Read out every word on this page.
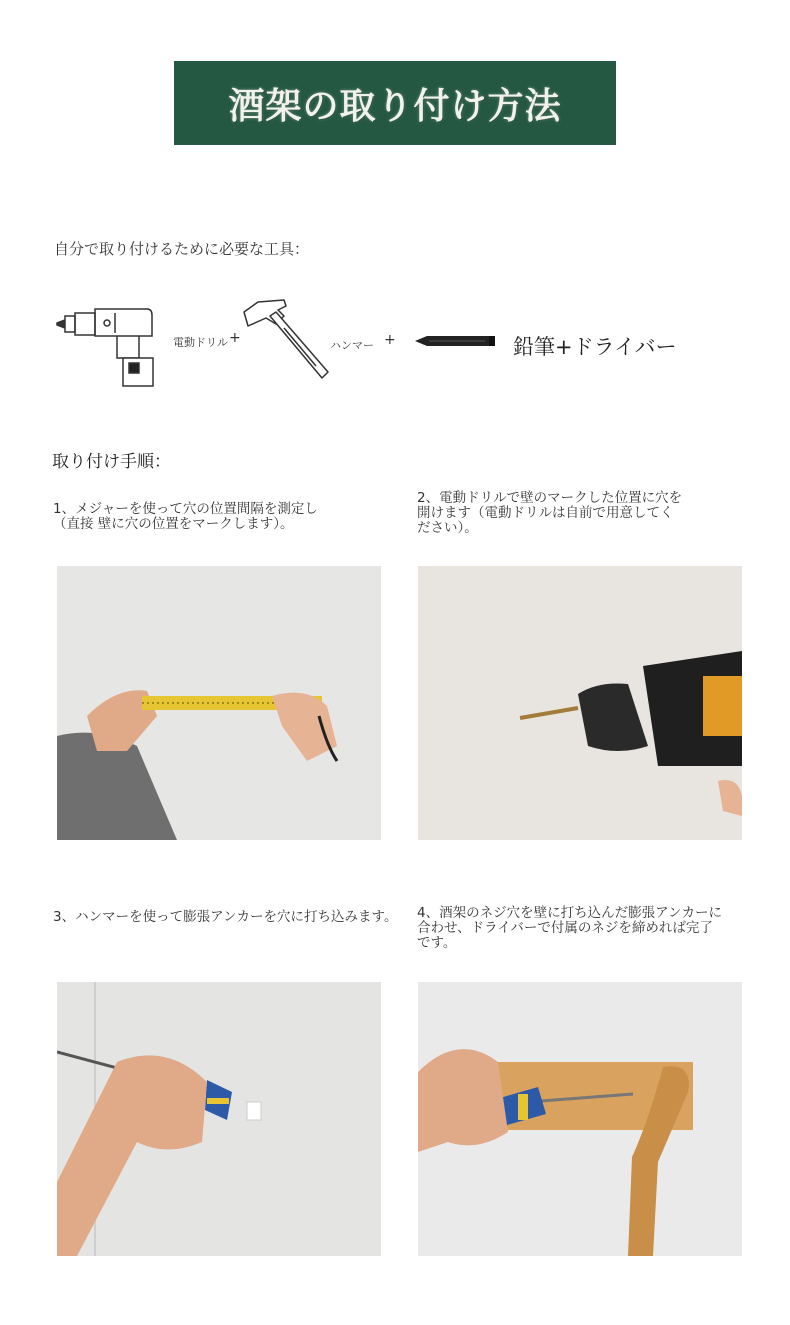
酒架の取り付け方法
自分で取り付けるために必要な工具：
電動ドリル +	ハンマー +	鉛筆+ドライバー
取り付け手順：
1、メジャーを使って穴の位置間隔を測定し
（直接 壁に穴の位置をマークします）。
2、電動ドリルで壁のマークした位置に穴を
開けます（電動ドリルは自前で用意してく
ださい）。
3、ハンマーを使って膨張アンカーを穴に打ち込みます。 4、酒架のネジ穴を壁に打ち込んだ膨張アンカーに
合わせ、ドライバーで付属のネジを締めれば完了
です。
